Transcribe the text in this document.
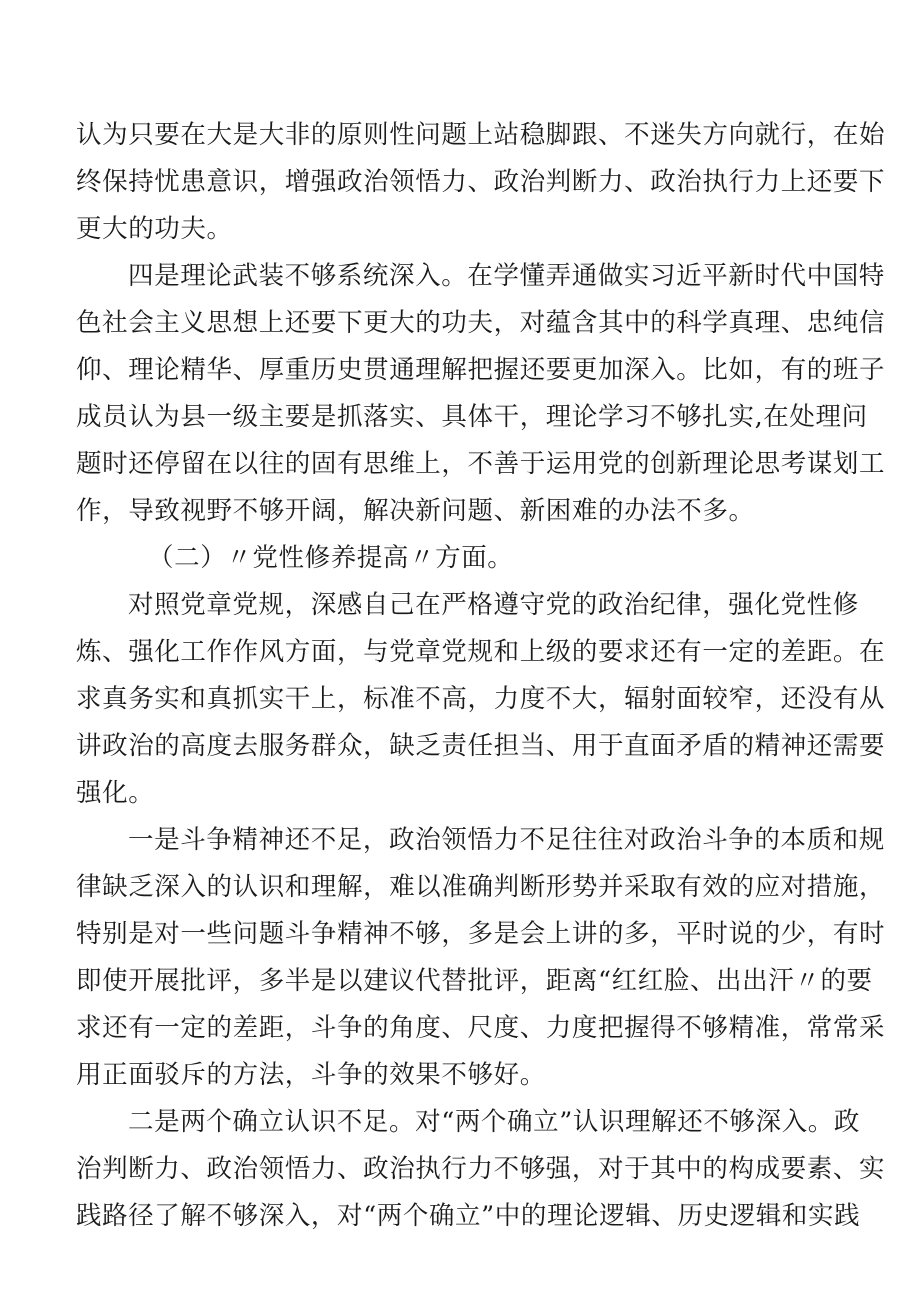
认为只要在大是大非的原则性问题上站稳脚跟、不迷失方向就行，在始
终保持忧患意识，增强政治领悟力、政治判断力、政治执行力上还要下
更大的功夫。
四是理论武装不够系统深入。在学懂弄通做实习近平新时代中国特
色社会主义思想上还要下更大的功夫，对蕴含其中的科学真理、忠纯信
仰、理论精华、厚重历史贯通理解把握还要更加深入。比如，有的班子
成员认为县一级主要是抓落实、具体干，理论学习不够扎实,在处理问
题时还停留在以往的固有思维上，不善于运用党的创新理论思考谋划工
作，导致视野不够开阔，解决新问题、新困难的办法不多。
（二）〃党性修养提高〃方面。
对照党章党规，深感自己在严格遵守党的政治纪律，强化党性修
炼、强化工作作风方面，与党章党规和上级的要求还有一定的差距。在
求真务实和真抓实干上，标准不高，力度不大，辐射面较窄，还没有从
讲政治的高度去服务群众，缺乏责任担当、用于直面矛盾的精神还需要
强化。
一是斗争精神还不足，政治领悟力不足往往对政治斗争的本质和规
律缺乏深入的认识和理解，难以准确判断形势并采取有效的应对措施，
特别是对一些问题斗争精神不够，多是会上讲的多，平时说的少，有时
即使开展批评，多半是以建议代替批评，距离“红红脸、出出汗〃的要
求还有一定的差距，斗争的角度、尺度、力度把握得不够精准，常常采
用正面驳斥的方法，斗争的效果不够好。
二是两个确立认识不足。对“两个确立”认识理解还不够深入。政
治判断力、政治领悟力、政治执行力不够强，对于其中的构成要素、实
践路径了解不够深入，对“两个确立”中的理论逻辑、历史逻辑和实践
